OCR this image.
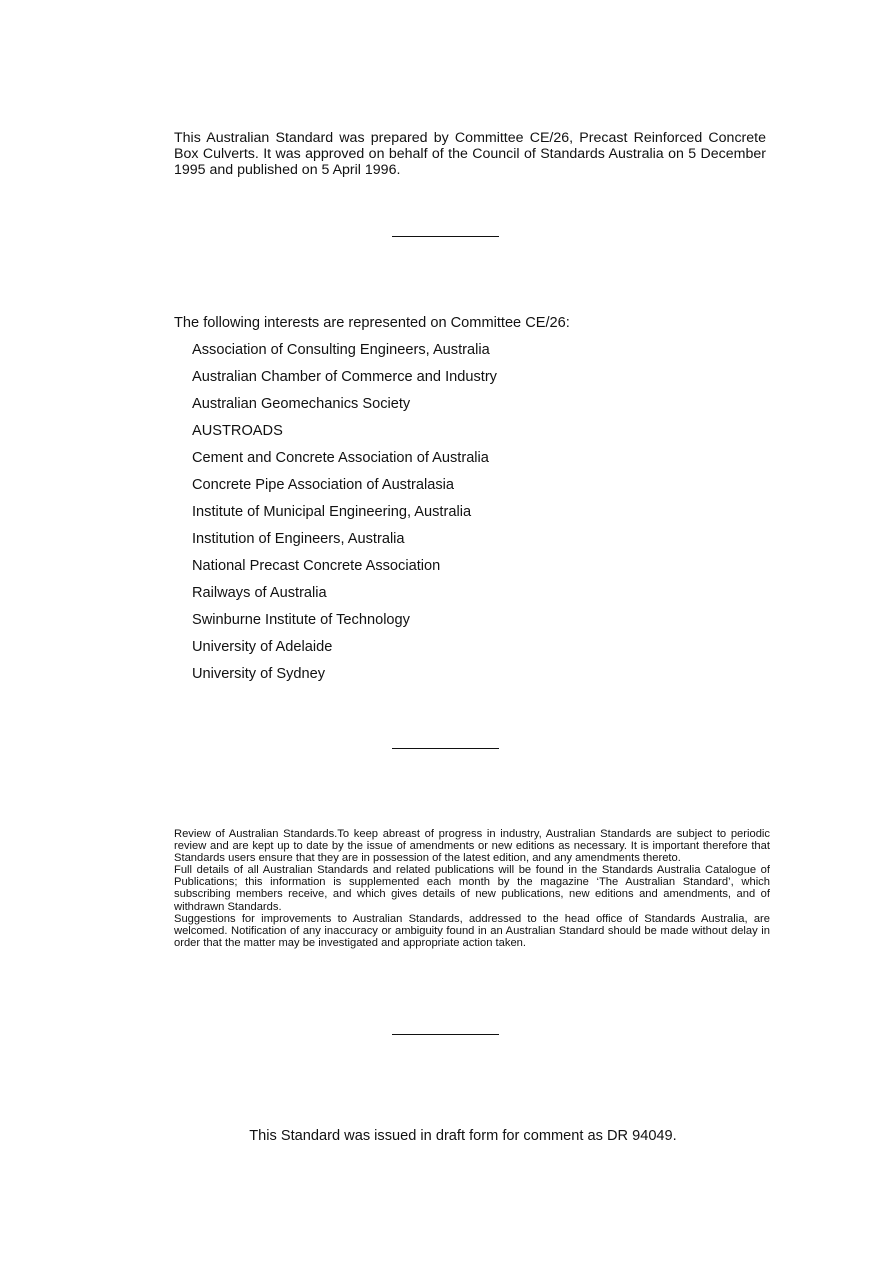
This Australian Standard was prepared by Committee CE/26, Precast Reinforced Concrete Box Culverts. It was approved on behalf of the Council of Standards Australia on 5 December 1995 and published on 5 April 1996.

The following interests are represented on Committee CE/26:

Association of Consulting Engineers, Australia
Australian Chamber of Commerce and Industry
Australian Geomechanics Society
AUSTROADS
Cement and Concrete Association of Australia
Concrete Pipe Association of Australasia
Institute of Municipal Engineering, Australia
Institution of Engineers, Australia
National Precast Concrete Association
Railways of Australia
Swinburne Institute of Technology
University of Adelaide
University of Sydney

Review of Australian Standards.To keep abreast of progress in industry, Australian Standards are subject to periodic review and are kept up to date by the issue of amendments or new editions as necessary. It is important therefore that Standards users ensure that they are in possession of the latest edition, and any amendments thereto.

Full details of all Australian Standards and related publications will be found in the Standards Australia Catalogue of Publications; this information is supplemented each month by the magazine ‘The Australian Standard’, which subscribing members receive, and which gives details of new publications, new editions and amendments, and of withdrawn Standards.

Suggestions for improvements to Australian Standards, addressed to the head office of Standards Australia, are welcomed. Notification of any inaccuracy or ambiguity found in an Australian Standard should be made without delay in order that the matter may be investigated and appropriate action taken.

This Standard was issued in draft form for comment as DR 94049.
